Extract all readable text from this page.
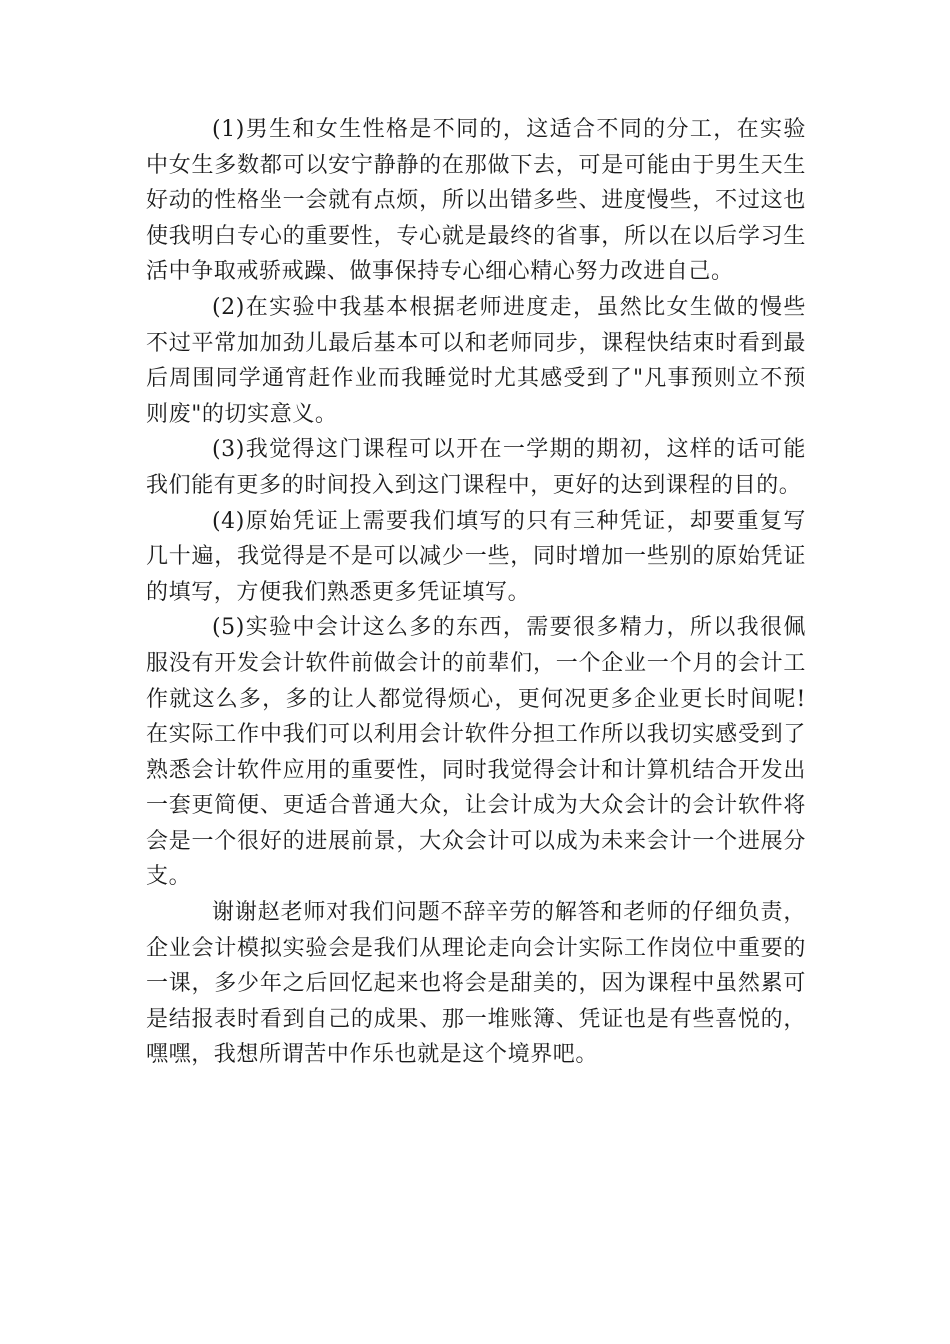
(1)男生和女生性格是不同的，这适合不同的分工，在实验中女生多数都可以安宁静静的在那做下去，可是可能由于男生天生好动的性格坐一会就有点烦，所以出错多些、进度慢些，不过这也使我明白专心的重要性，专心就是最终的省事，所以在以后学习生活中争取戒骄戒躁、做事保持专心细心精心努力改进自己。

(2)在实验中我基本根据老师进度走，虽然比女生做的慢些不过平常加加劲儿最后基本可以和老师同步，课程快结束时看到最后周围同学通宵赶作业而我睡觉时尤其感受到了"凡事预则立不预则废"的切实意义。

(3)我觉得这门课程可以开在一学期的期初，这样的话可能我们能有更多的时间投入到这门课程中，更好的达到课程的目的。

(4)原始凭证上需要我们填写的只有三种凭证，却要重复写几十遍，我觉得是不是可以减少一些，同时增加一些别的原始凭证的填写，方便我们熟悉更多凭证填写。

(5)实验中会计这么多的东西，需要很多精力，所以我很佩服没有开发会计软件前做会计的前辈们，一个企业一个月的会计工作就这么多，多的让人都觉得烦心，更何况更多企业更长时间呢!在实际工作中我们可以利用会计软件分担工作所以我切实感受到了熟悉会计软件应用的重要性，同时我觉得会计和计算机结合开发出一套更简便、更适合普通大众，让会计成为大众会计的会计软件将会是一个很好的进展前景，大众会计可以成为未来会计一个进展分支。

谢谢赵老师对我们问题不辞辛劳的解答和老师的仔细负责，企业会计模拟实验会是我们从理论走向会计实际工作岗位中重要的一课，多少年之后回忆起来也将会是甜美的，因为课程中虽然累可是结报表时看到自己的成果、那一堆账簿、凭证也是有些喜悦的，嘿嘿，我想所谓苦中作乐也就是这个境界吧。
